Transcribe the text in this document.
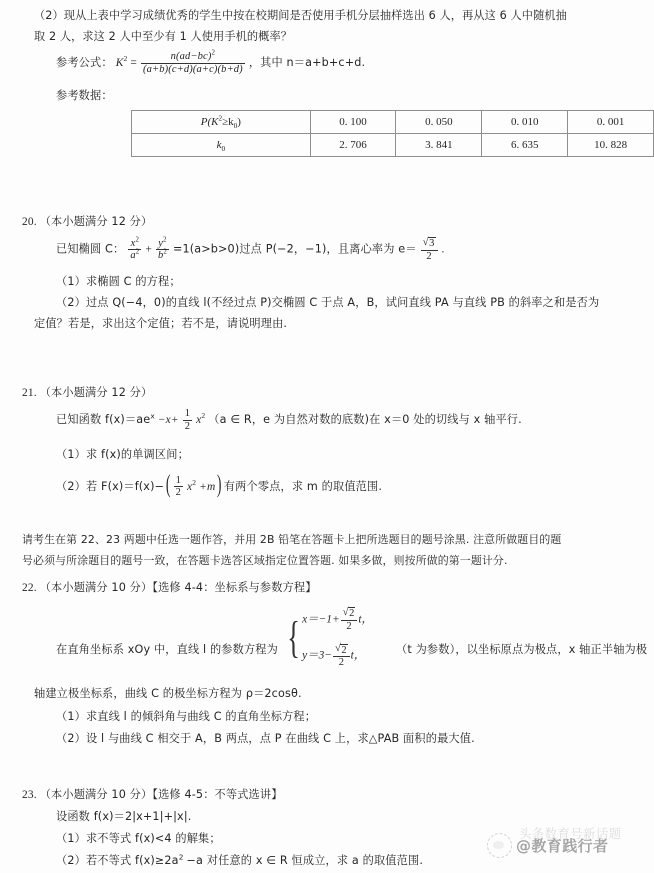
（2）现从上表中学习成绩优秀的学生中按在校期间是否使用手机分层抽样选出 6 人，再从这 6 人中随机抽
取 2 人，求这 2 人中至少有 1 人使用手机的概率？
参考公式： $K^2 = \frac{n(ad-bc)^2}{(a+b)(c+d)(a+c)(b+d)}$ ，其中 n＝a+b+c+d.
参考数据：
$P(K^2\ge k_0)$	0. 100	0. 050	0. 010	0. 001
$k_0$	2. 706	3. 841	6. 635	10. 828
20. （本小题满分 12 分）
已知椭圆 C： $\frac{x^2}{a^2} + \frac{y^2}{b^2} =1(a>b>0)$过点 P(−2，−1)，且离心率为 e＝ √ $\frac{3}{2}$ .
（1）求椭圆 C 的方程；
（2）过点 Q(−4，0)的直线 l(不经过点 P)交椭圆 C 于点 A，B，试问直线 PA 与直线 PB 的斜率之和是否为
定值？若是，求出这个定值；若不是，请说明理由.
21. （本小题满分 12 分）
已知函数 $f(x)=ae^x -x+ \frac{1}{2} x^2$ （a ∈ R，e 为自然对数的底数)在 x＝0 处的切线与 x 轴平行.
（1）求 f(x)的单调区间；
（2）若 F(x)＝f(x)− ( $\frac{1}{2} x^2 +m$ ) 有两个零点，求 m 的取值范围.
请考生在第 22、23 两题中任选一题作答，并用 2B 铅笔在答题卡上把所选题目的题号涂黑. 注意所做题目的题
号必须与所涂题目的题号一致，在答题卡选答区域指定位置答题. 如果多做，则按所做的第一题计分.
22. （本小题满分 10 分）【选修 4-4：坐标系与参数方程】
在直角坐标系 xOy 中，直线 l 的参数方程为 { x＝−1+ √ $\frac{2}{2}$ t，
y＝3− √ $\frac{2}{2}$ t，	（t 为参数），以坐标原点为极点，x 轴正半轴为极
轴建立极坐标系，曲线 C 的极坐标方程为 ρ＝2cosθ.
（1）求直线 l 的倾斜角与曲线 C 的直角坐标方程；
（2）设 l 与曲线 C 相交于 A，B 两点，点 P 在曲线 C 上，求△PAB 面积的最大值.
23. （本小题满分 10 分）【选修 4-5：不等式选讲】
设函数 f(x)＝2|x+1|+|x|.
（1）求不等式 f(x)<4 的解集；
（2）若不等式 $f(x)\ge 2a^2 -a$ 对任意的 x ∈ R 恒成立，求 a 的取值范围.
头条数育号新话题
@教育践行者
